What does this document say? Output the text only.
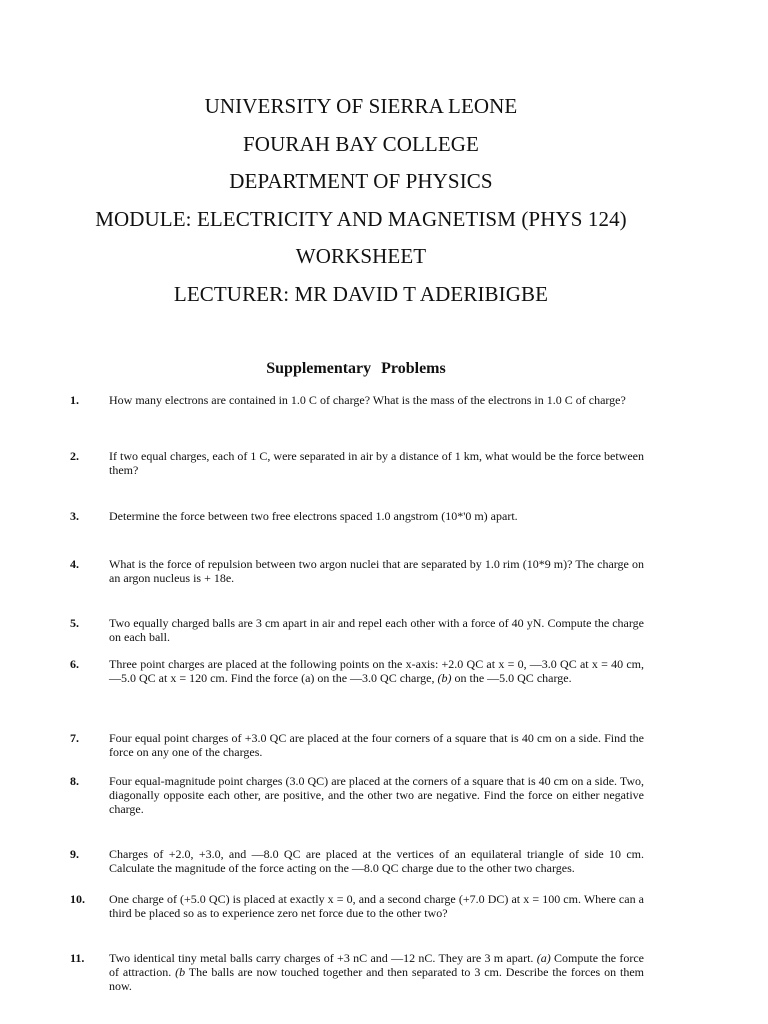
UNIVERSITY OF SIERRA LEONE
FOURAH BAY COLLEGE
DEPARTMENT OF PHYSICS
MODULE: ELECTRICITY AND MAGNETISM (PHYS 124)
WORKSHEET
LECTURER: MR DAVID T ADERIBIGBE
Supplementary Problems
1.	How many electrons are contained in 1.0 C of charge? What is the mass of the electrons in 1.0 C of charge?
2.	If two equal charges, each of 1 C, were separated in air by a distance of 1 km, what would be the force between them?
3.	Determine the force between two free electrons spaced 1.0 angstrom (10*'0 m) apart.
4.	What is the force of repulsion between two argon nuclei that are separated by 1.0 rim (10*9 m)? The charge on an argon nucleus is + 18e.
5.	Two equally charged balls are 3 cm apart in air and repel each other with a force of 40 yN. Compute the charge on each ball.
6.	Three point charges are placed at the following points on the x-axis: +2.0 QC at x = 0, —3.0 QC at x = 40 cm, —5.0 QC at x = 120 cm. Find the force (a) on the —3.0 QC charge, (b) on the —5.0 QC charge.
7.	Four equal point charges of +3.0 QC are placed at the four corners of a square that is 40 cm on a side. Find the force on any one of the charges.
8.	Four equal-magnitude point charges (3.0 QC) are placed at the corners of a square that is 40 cm on a side. Two, diagonally opposite each other, are positive, and the other two are negative. Find the force on either negative charge.
9.	Charges of +2.0, +3.0, and —8.0 QC are placed at the vertices of an equilateral triangle of side 10 cm. Calculate the magnitude of the force acting on the —8.0 QC charge due to the other two charges.
10.	One charge of (+5.0 QC) is placed at exactly x = 0, and a second charge (+7.0 DC) at x = 100 cm. Where can a third be placed so as to experience zero net force due to the other two?
11.	Two identical tiny metal balls carry charges of +3 nC and —12 nC. They are 3 m apart. (a) Compute the force of attraction. (b The balls are now touched together and then separated to 3 cm. Describe the forces on them now.
